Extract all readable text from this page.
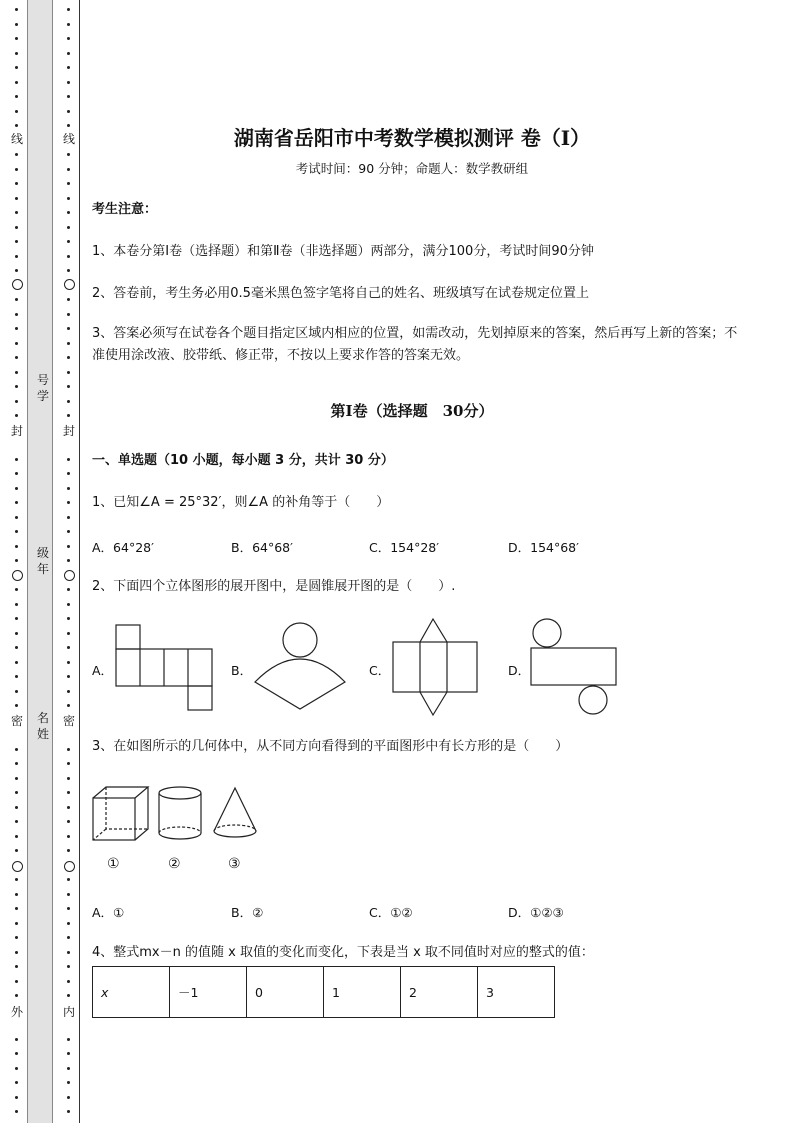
线
封
密
外
线
封
密
内
号学
级年
名姓
湖南省岳阳市中考数学模拟测评 卷（Ⅰ）
考试时间：90 分钟；命题人：数学教研组
考生注意：
1、本卷分第Ⅰ卷（选择题）和第Ⅱ卷（非选择题）两部分，满分100分，考试时间90分钟
2、答卷前，考生务必用0.5毫米黑色签字笔将自己的姓名、班级填写在试卷规定位置上
3、答案必须写在试卷各个题目指定区域内相应的位置，如需改动，先划掉原来的答案，然后再写上新的答案；不准使用涂改液、胶带纸、修正带，不按以上要求作答的答案无效。
第Ⅰ卷（选择题　30分）
一、单选题（10 小题，每小题 3 分，共计 30 分）
1、已知∠A = 25°32′，则∠A 的补角等于（　　）
A．64°28′	B．64°68′	C．154°28′	D．154°68′
2、下面四个立体图形的展开图中，是圆锥展开图的是（　　）.
A．	B．	C．	D．
3、在如图所示的几何体中，从不同方向看得到的平面图形中有长方形的是（　　）
①	②	③
A．①	B．②	C．①②	D．①②③
4、整式mx－n 的值随 x 取值的变化而变化，下表是当 x 取不同值时对应的整式的值：
x	－1	0	1	2	3
